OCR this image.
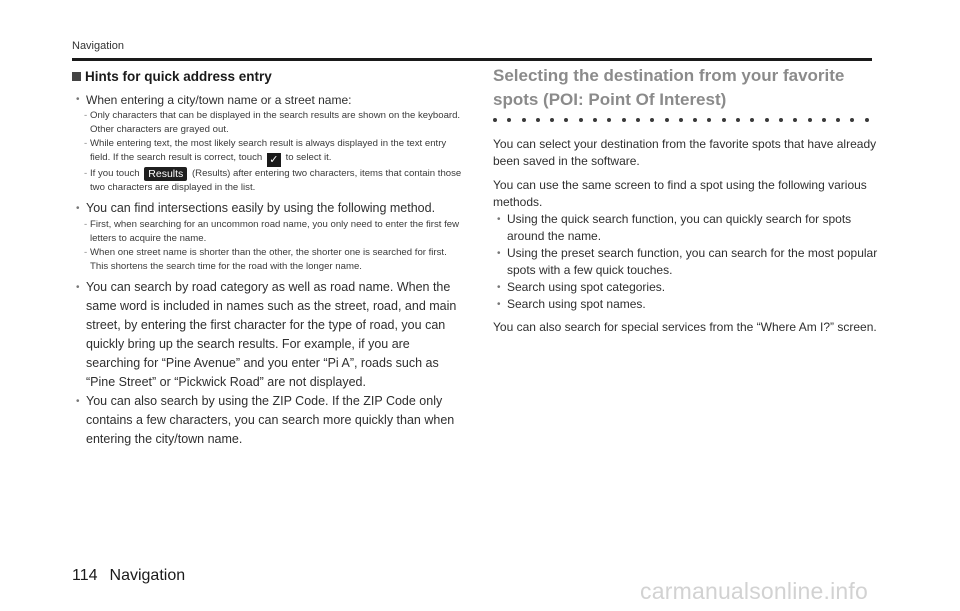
Navigation
Hints for quick address entry
• When entering a city/town name or a street name:
- Only characters that can be displayed in the search results are shown on the keyboard. Other characters are grayed out.
- While entering text, the most likely search result is always displayed in the text entry field. If the search result is correct, touch ✓ to select it.
- If you touch Results (Results) after entering two characters, items that contain those two characters are displayed in the list.
• You can find intersections easily by using the following method.
- First, when searching for an uncommon road name, you only need to enter the first few letters to acquire the name.
- When one street name is shorter than the other, the shorter one is searched for first. This shortens the search time for the road with the longer name.
• You can search by road category as well as road name. When the same word is included in names such as the street, road, and main street, by entering the first character for the type of road, you can quickly bring up the search results. For example, if you are searching for “Pine Avenue” and you enter “Pi A”, roads such as “Pine Street” or “Pickwick Road” are not displayed.
• You can also search by using the ZIP Code. If the ZIP Code only contains a few characters, you can search more quickly than when entering the city/town name.
Selecting the destination from your favorite
spots (POI: Point Of Interest)
You can select your destination from the favorite spots that have already been saved in the software.
You can use the same screen to find a spot using the following various methods.
• Using the quick search function, you can quickly search for spots around the name.
• Using the preset search function, you can search for the most popular spots with a few quick touches.
• Search using spot categories.
• Search using spot names.
You can also search for special services from the “Where Am I?” screen.
114 Navigation
carmanualsonline.info
